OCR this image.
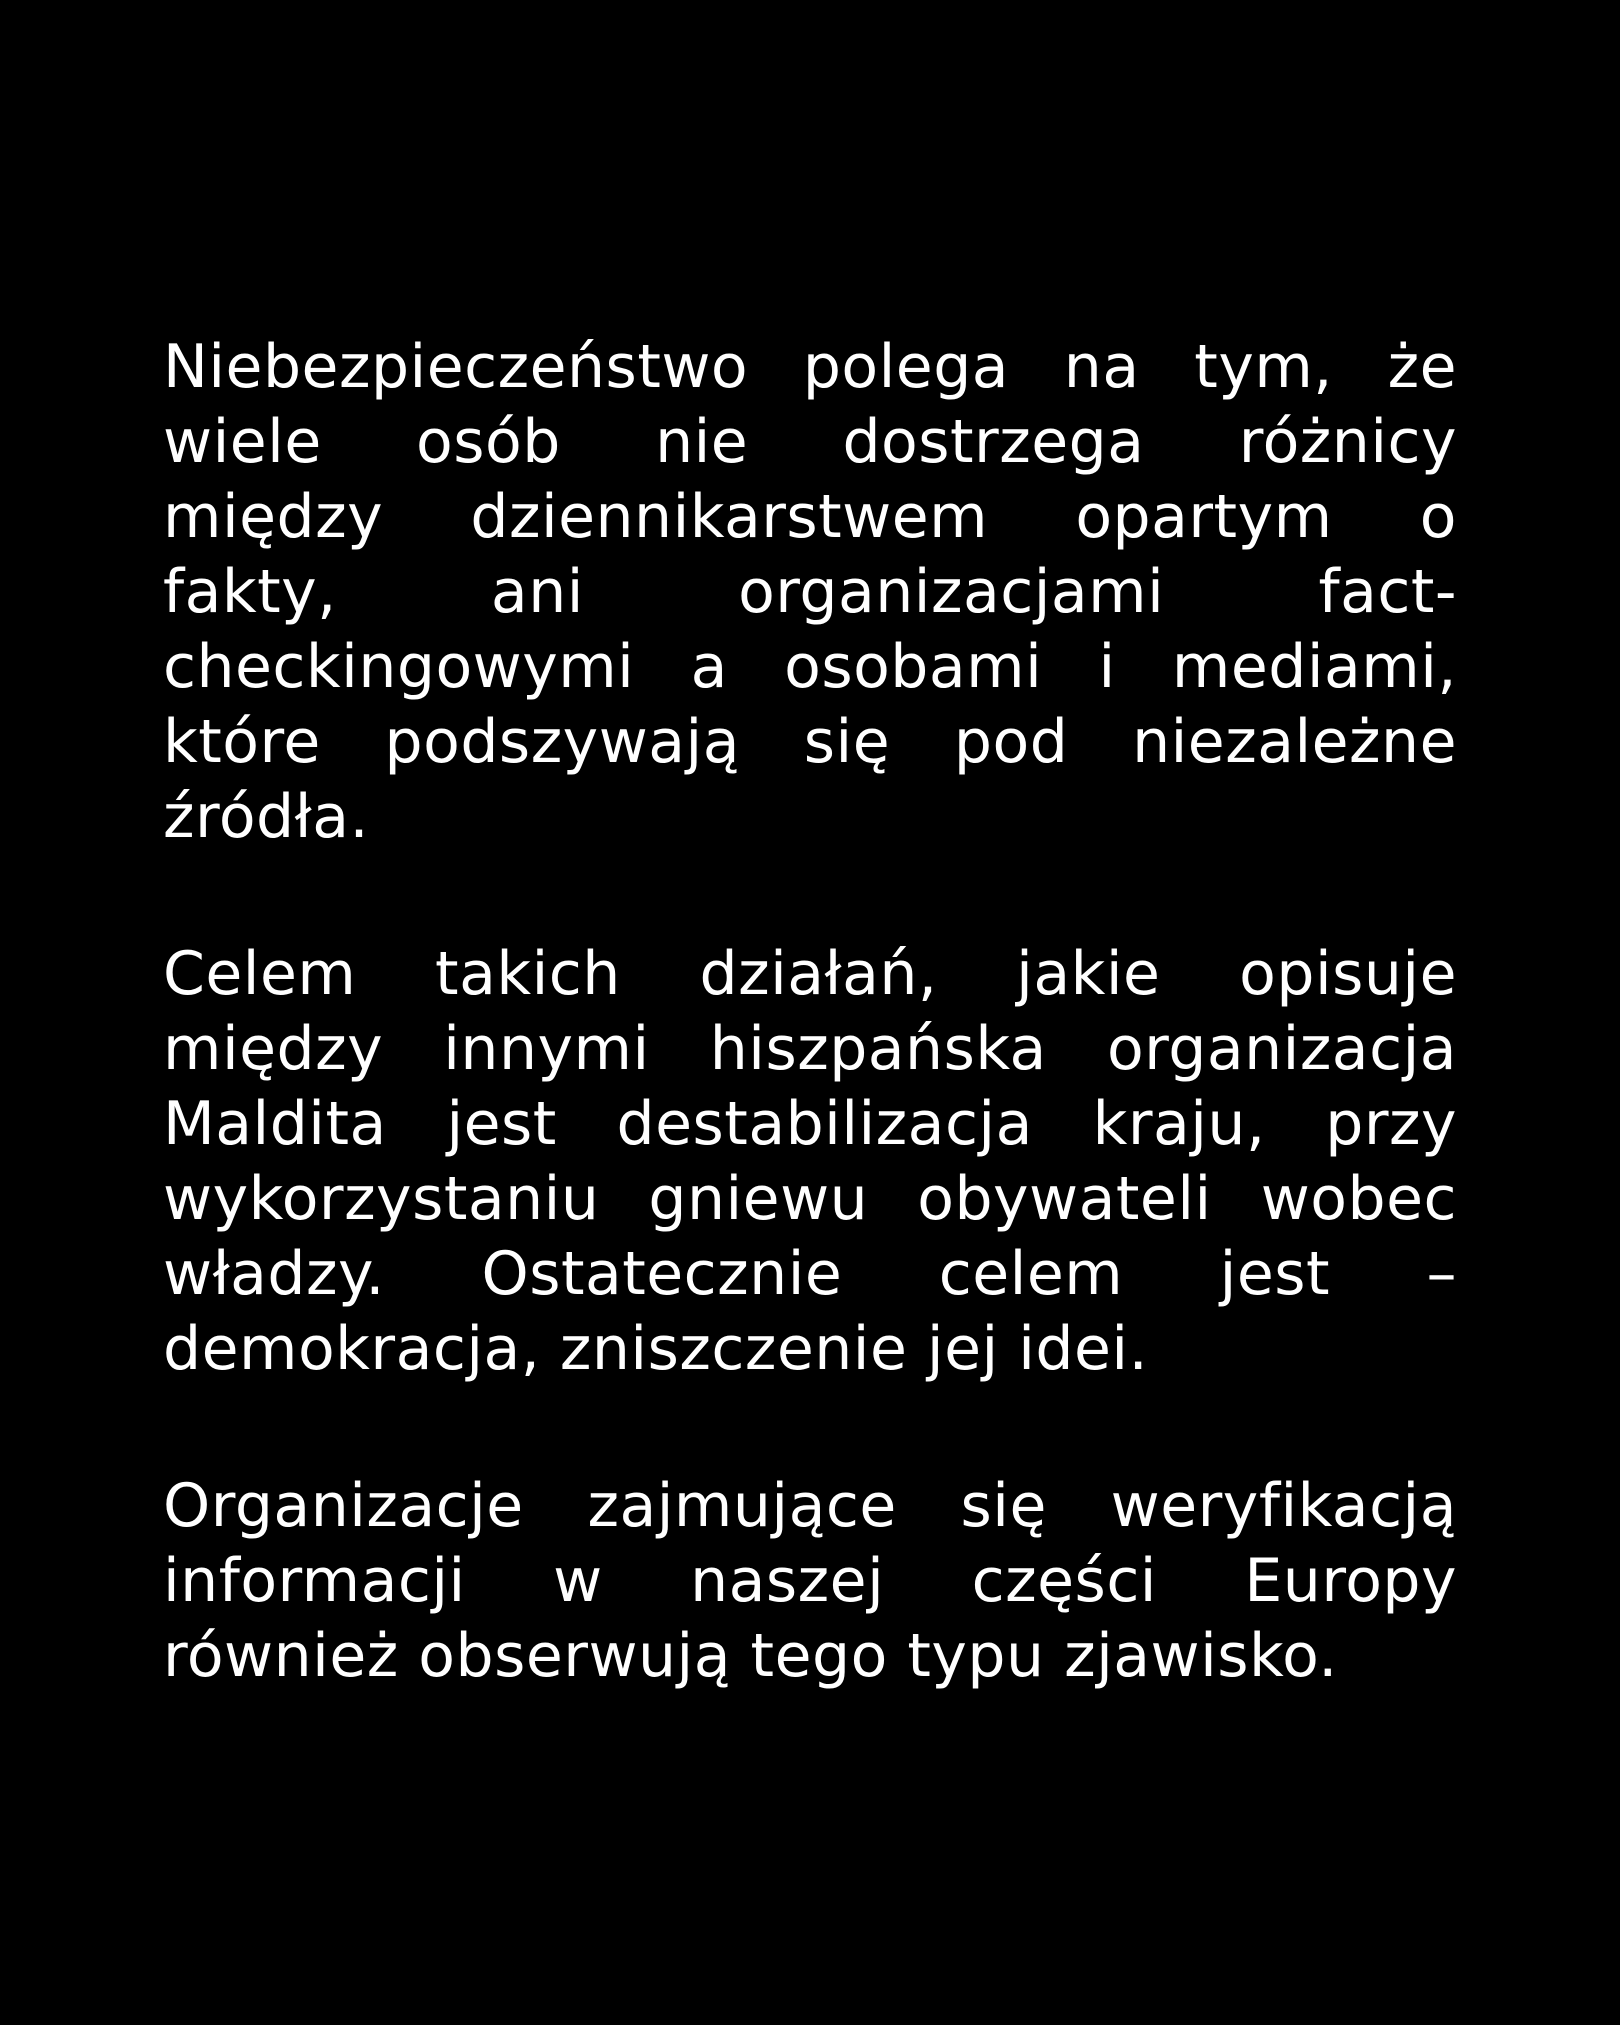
Niebezpieczeństwo polega na tym, że
wiele osób nie dostrzega różnicy
między dziennikarstwem opartym o
fakty, ani organizacjami fact-
checkingowymi a osobami i mediami,
które podszywają się pod niezależne
źródła.

Celem takich działań, jakie opisuje
między innymi hiszpańska organizacja
Maldita jest destabilizacja kraju, przy
wykorzystaniu gniewu obywateli wobec
władzy. Ostatecznie celem jest –
demokracja, zniszczenie jej idei.

Organizacje zajmujące się weryfikacją
informacji w naszej części Europy
również obserwują tego typu zjawisko.
